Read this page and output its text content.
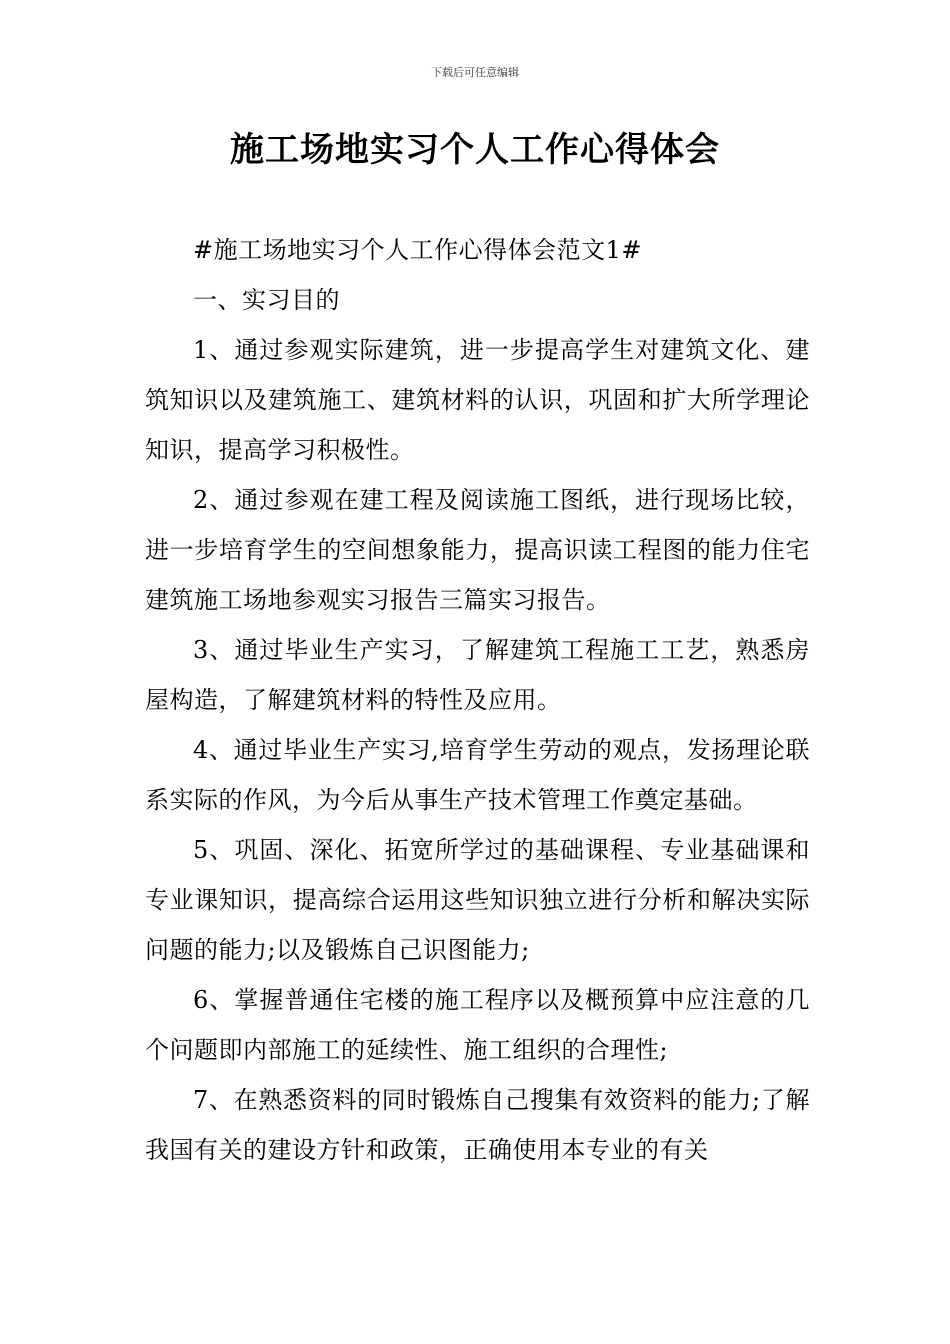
下载后可任意编辑
施工场地实习个人工作心得体会

#施工场地实习个人工作心得体会范文1#

一、实习目的

1、通过参观实际建筑，进一步提高学生对建筑文化、建筑知识以及建筑施工、建筑材料的认识，巩固和扩大所学理论知识，提高学习积极性。

2、通过参观在建工程及阅读施工图纸，进行现场比较，进一步培育学生的空间想象能力，提高识读工程图的能力住宅建筑施工场地参观实习报告三篇实习报告。

3、通过毕业生产实习，了解建筑工程施工工艺，熟悉房屋构造，了解建筑材料的特性及应用。

4、通过毕业生产实习,培育学生劳动的观点，发扬理论联系实际的作风，为今后从事生产技术管理工作奠定基础。

5、巩固、深化、拓宽所学过的基础课程、专业基础课和专业课知识，提高综合运用这些知识独立进行分析和解决实际问题的能力;以及锻炼自己识图能力;

6、掌握普通住宅楼的施工程序以及概预算中应注意的几个问题即内部施工的延续性、施工组织的合理性;

7、在熟悉资料的同时锻炼自己搜集有效资料的能力;了解我国有关的建设方针和政策，正确使用本专业的有关
